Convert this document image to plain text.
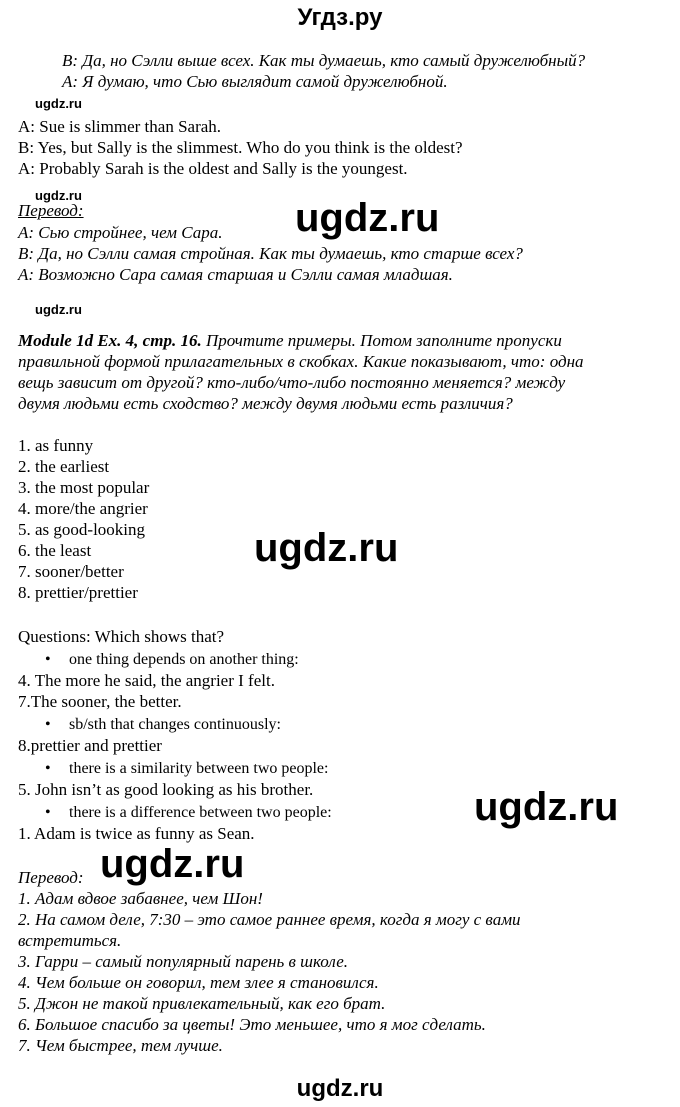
Угдз.ру
B: Да, но Сэлли выше всех. Как ты думаешь, кто самый дружелюбный?
A: Я думаю, что Сью выглядит самой дружелюбной.
ugdz.ru
A: Sue is slimmer than Sarah.
B: Yes, but Sally is the slimmest. Who do you think is the oldest?
A: Probably Sarah is the oldest and Sally is the youngest.
ugdz.ru
Перевод:	ugdz.ru
A: Сью стройнее, чем Сара.
B: Да, но Сэлли самая стройная. Как ты думаешь, кто старше всех?
A: Возможно Сара самая старшая и Сэлли самая младшая.
ugdz.ru
Module 1d Ex. 4, стр. 16. Прочтите примеры. Потом заполните пропуски
правильной формой прилагательных в скобках. Какие показывают, что: одна
вещь зависит от другой? кто-либо/что-либо постоянно меняется? между
двумя людьми есть сходство? между двумя людьми есть различия?
1. as funny
2. the earliest
3. the most popular
4. more/the angrier
5. as good-looking
6. the least
7. sooner/better
8. prettier/prettier
ugdz.ru
Questions: Which shows that?
• one thing depends on another thing:
4. The more he said, the angrier I felt.
7.The sooner, the better.
• sb/sth that changes continuously:
8.prettier and prettier
• there is a similarity between two people:
5. John isn’t as good looking as his brother.
• there is a difference between two people:
1. Adam is twice as funny as Sean.
ugdz.ru
Перевод: ugdz.ru
1. Адам вдвое забавнее, чем Шон!
2. На самом деле, 7:30 – это самое раннее время, когда я могу с вами
встретиться.
3. Гарри – самый популярный парень в школе.
4. Чем больше он говорил, тем злее я становился.
5. Джон не такой привлекательный, как его брат.
6. Большое спасибо за цветы! Это меньшее, что я мог сделать.
7. Чем быстрее, тем лучше.
ugdz.ru
